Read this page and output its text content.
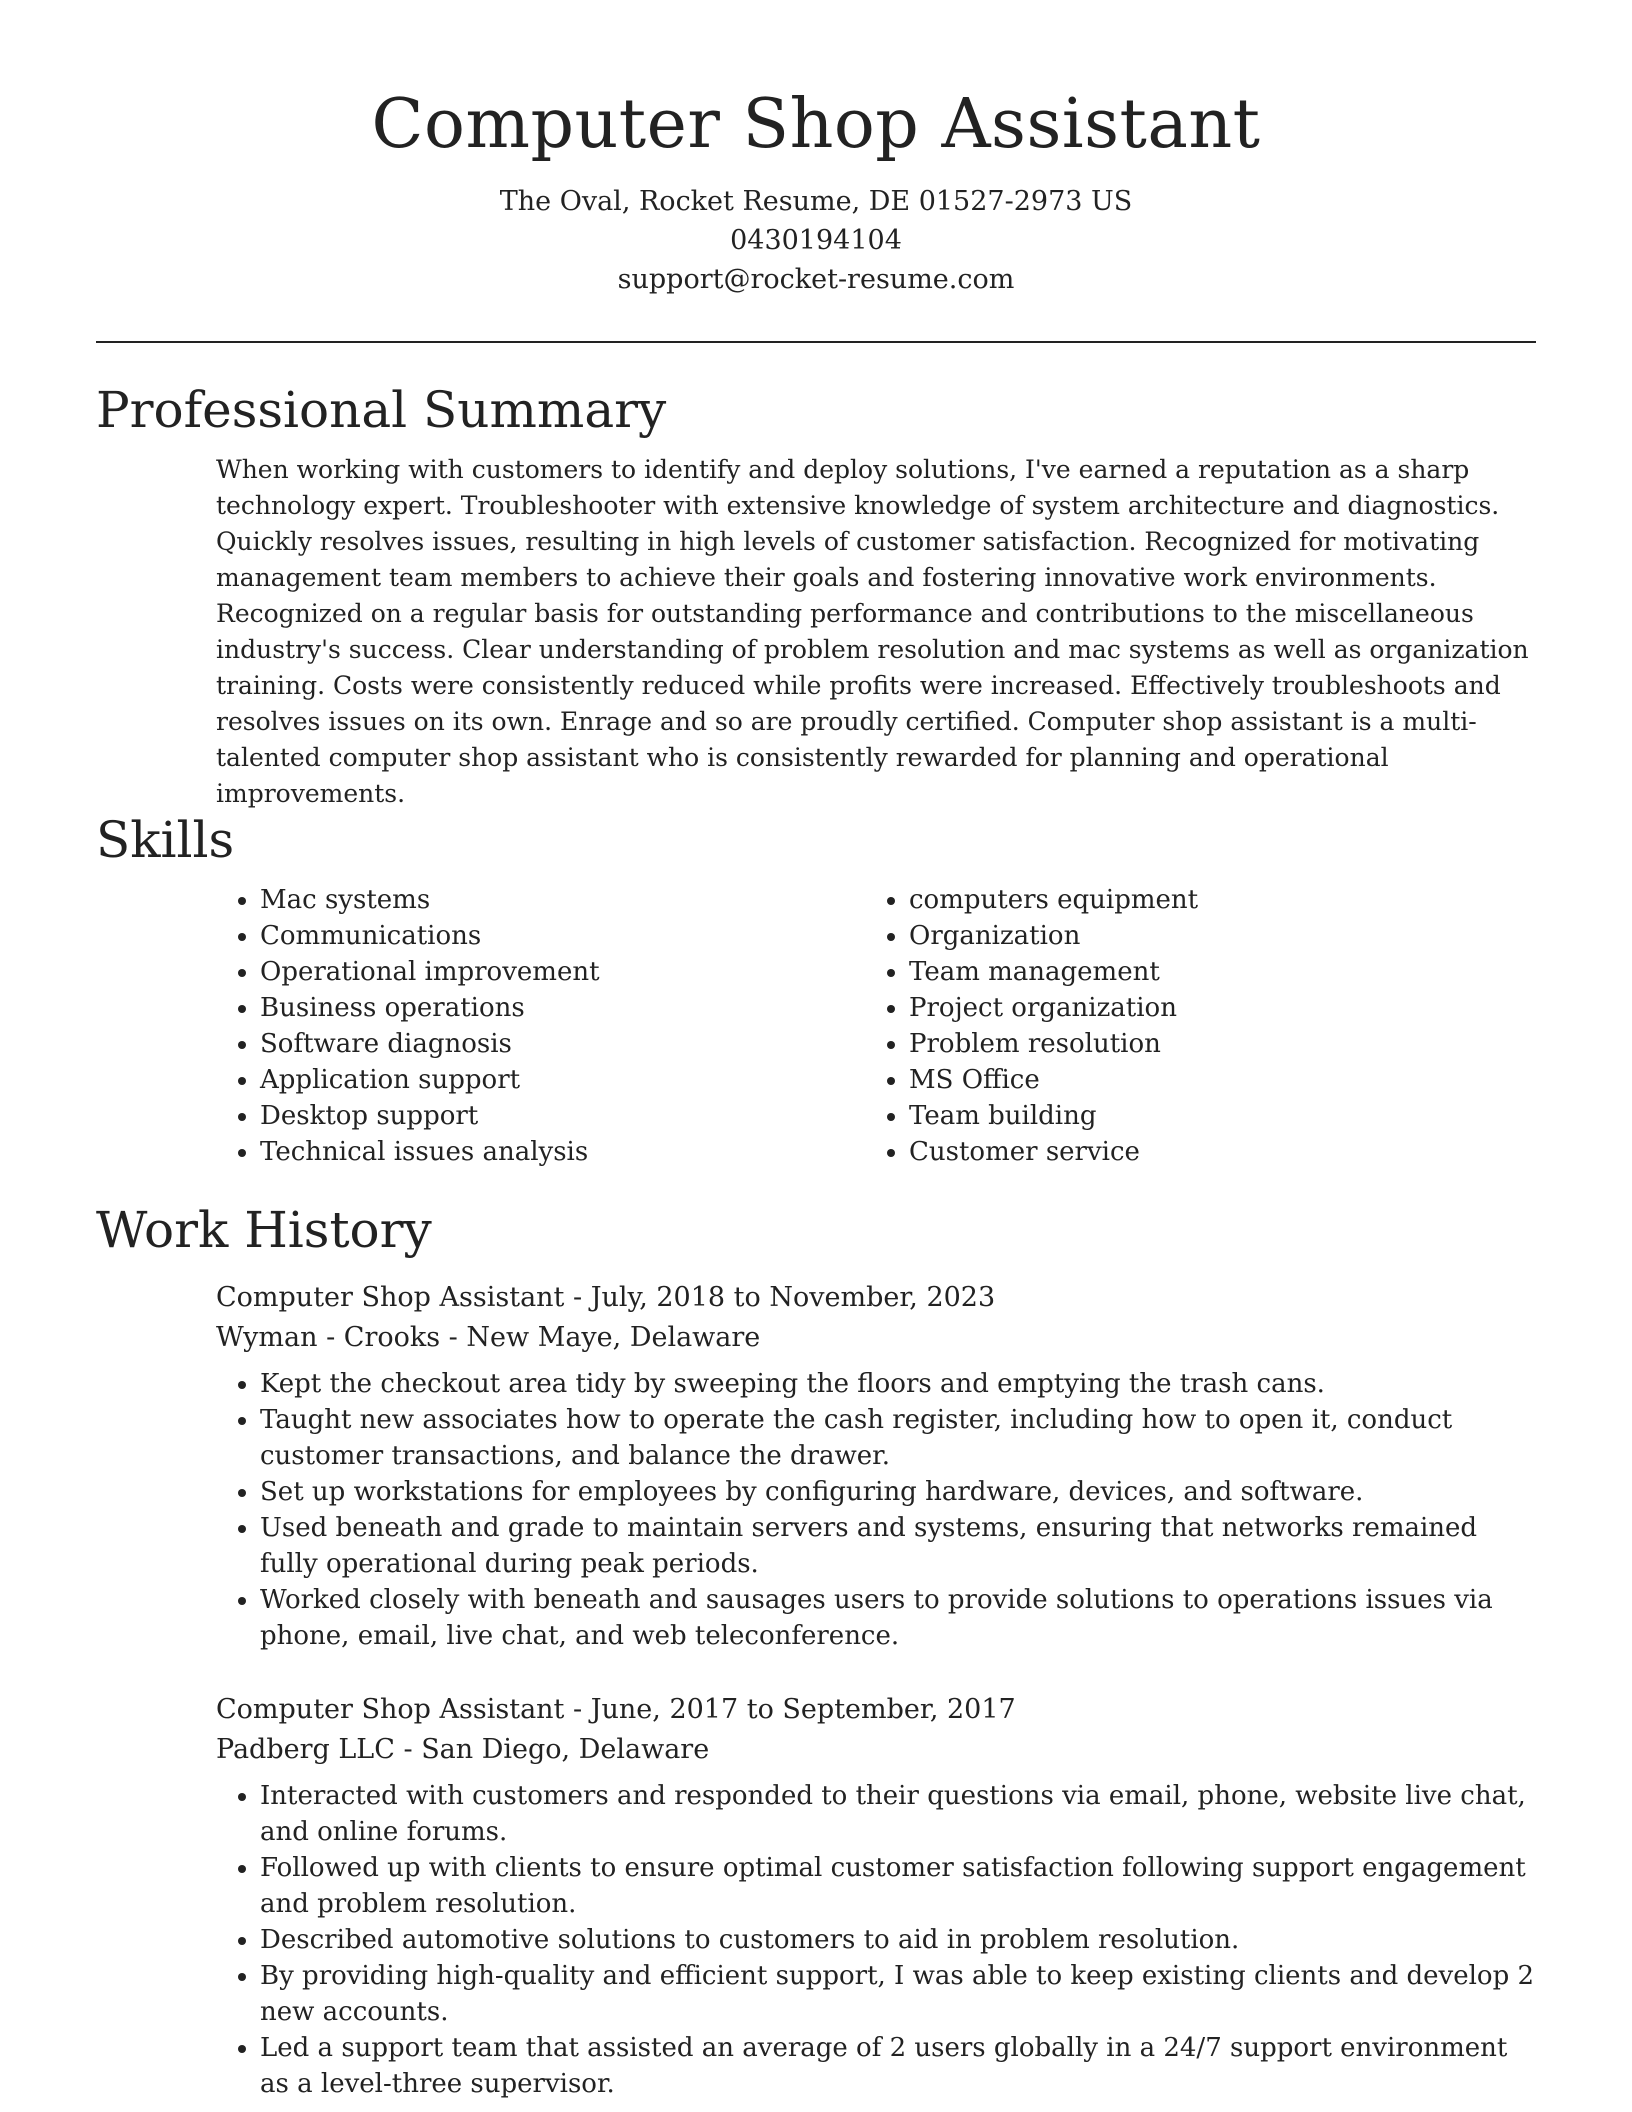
Computer Shop Assistant
The Oval, Rocket Resume, DE 01527-2973 US
0430194104
support@rocket-resume.com
Professional Summary

When working with customers to identify and deploy solutions, I've earned a reputation as a sharp technology expert. Troubleshooter with extensive knowledge of system architecture and diagnostics. Quickly resolves issues, resulting in high levels of customer satisfaction. Recognized for motivating management team members to achieve their goals and fostering innovative work environments. Recognized on a regular basis for outstanding performance and contributions to the miscellaneous industry's success. Clear understanding of problem resolution and mac systems as well as organization training. Costs were consistently reduced while profits were increased. Effectively troubleshoots and resolves issues on its own. Enrage and so are proudly certified. Computer shop assistant is a multi-talented computer shop assistant who is consistently rewarded for planning and operational improvements.

Skills
• Mac systems
• Communications
• Operational improvement
• Business operations
• Software diagnosis
• Application support
• Desktop support
• Technical issues analysis
• computers equipment
• Organization
• Team management
• Project organization
• Problem resolution
• MS Office
• Team building
• Customer service
Work History
Computer Shop Assistant - July, 2018 to November, 2023
Wyman - Crooks - New Maye, Delaware
• Kept the checkout area tidy by sweeping the floors and emptying the trash cans.
• Taught new associates how to operate the cash register, including how to open it, conduct customer transactions, and balance the drawer.
• Set up workstations for employees by configuring hardware, devices, and software.
• Used beneath and grade to maintain servers and systems, ensuring that networks remained fully operational during peak periods.
• Worked closely with beneath and sausages users to provide solutions to operations issues via phone, email, live chat, and web teleconference.
Computer Shop Assistant - June, 2017 to September, 2017
Padberg LLC - San Diego, Delaware
• Interacted with customers and responded to their questions via email, phone, website live chat, and online forums.
• Followed up with clients to ensure optimal customer satisfaction following support engagement and problem resolution.
• Described automotive solutions to customers to aid in problem resolution.
• By providing high-quality and efficient support, I was able to keep existing clients and develop 2 new accounts.
• Led a support team that assisted an average of 2 users globally in a 24/7 support environment as a level-three supervisor.
